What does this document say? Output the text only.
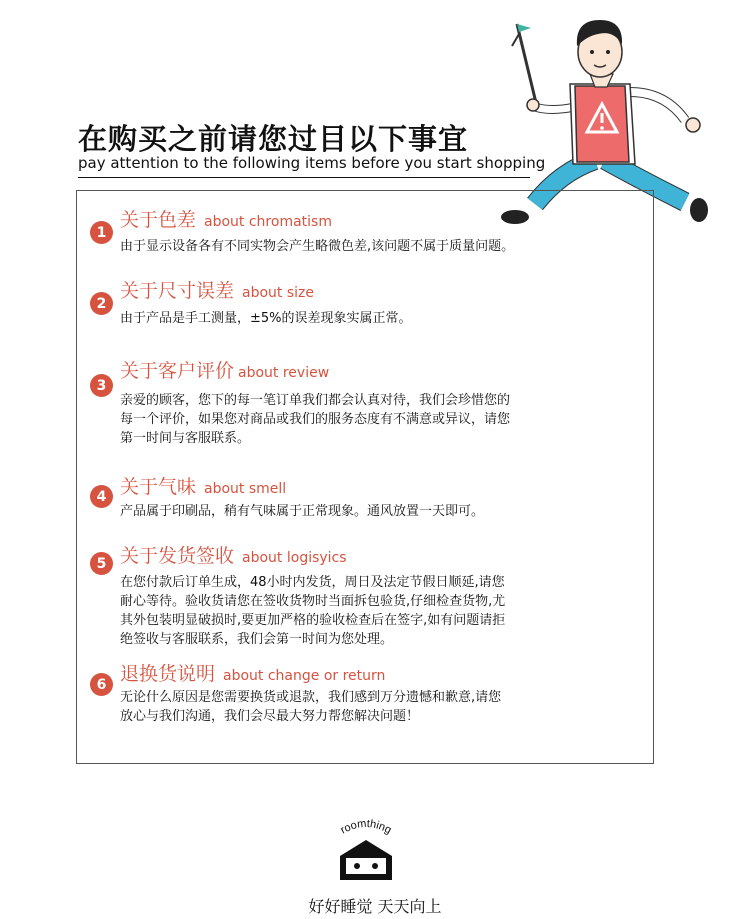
在购买之前请您过目以下事宜
pay attention to the following items before you start shopping
1
关于色差 about chromatism
由于显示设备各有不同实物会产生略微色差,该问题不属于质量问题。
2
关于尺寸误差 about size
由于产品是手工测量，±5%的误差现象实属正常。
3
关于客户评价 about review
亲爱的顾客，您下的每一笔订单我们都会认真对待，我们会珍惜您的
每一个评价，如果您对商品或我们的服务态度有不满意或异议，请您
第一时间与客服联系。
4 关于气味 about smell
产品属于印刷品，稍有气味属于正常现象。通风放置一天即可。
5 关于发货签收 about logisyics
在您付款后订单生成，48小时内发货，周日及法定节假日顺延,请您
耐心等待。验收货请您在签收货物时当面拆包验货,仔细检查货物,尤
其外包装明显破损时,要更加严格的验收检查后在签字,如有问题请拒
绝签收与客服联系，我们会第一时间为您处理。
6 退换货说明 about change or return
无论什么原因是您需要换货或退款，我们感到万分遗憾和歉意,请您
放心与我们沟通，我们会尽最大努力帮您解决问题！
roomthing
好好睡觉 天天向上
